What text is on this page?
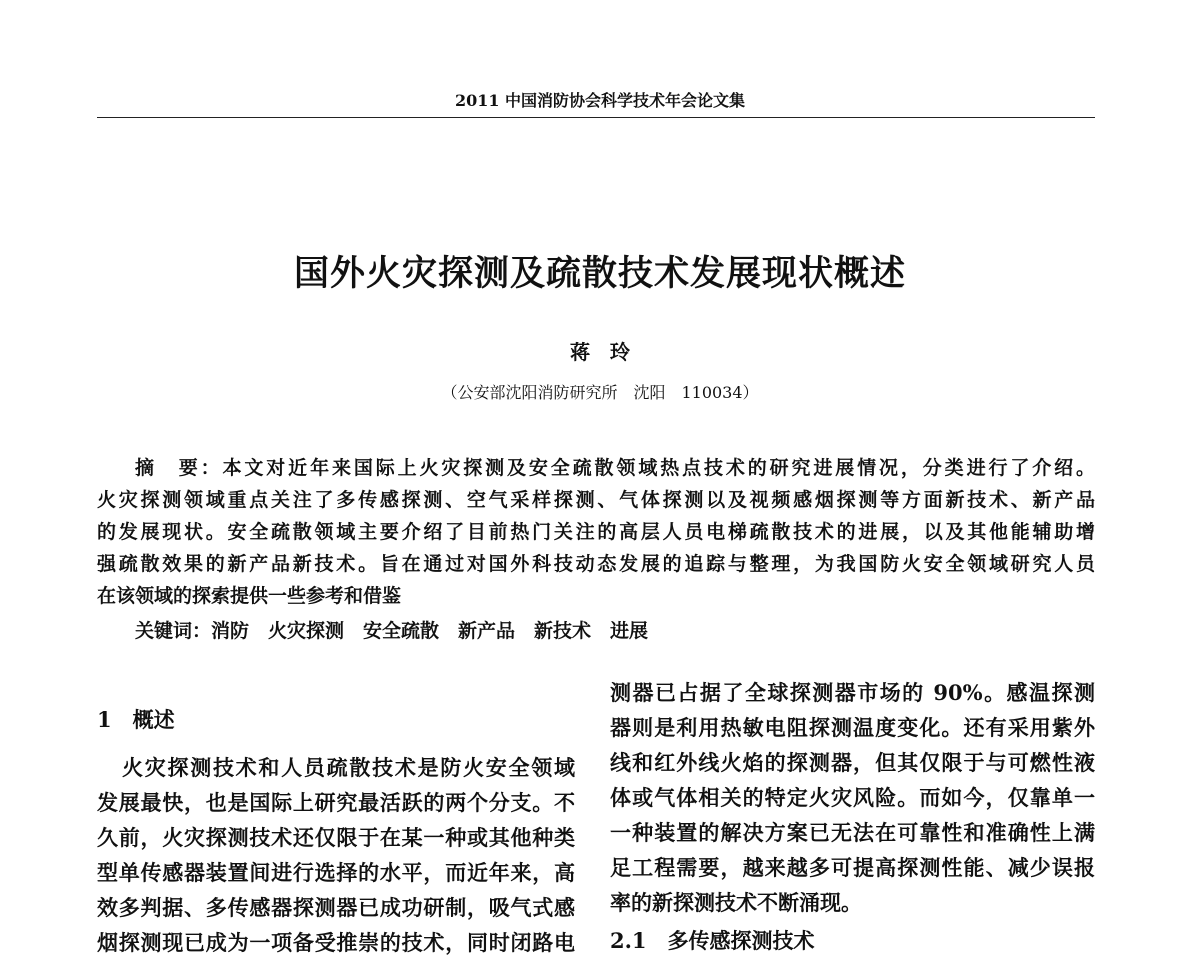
2011 中国消防协会科学技术年会论文集
国外火灾探测及疏散技术发展现状概述
蒋　玲
（公安部沈阳消防研究所　沈阳　110034）
摘　要：本文对近年来国际上火灾探测及安全疏散领域热点技术的研究进展情况，分类进行了介绍。
火灾探测领域重点关注了多传感探测、空气采样探测、气体探测以及视频感烟探测等方面新技术、新产品
的发展现状。安全疏散领域主要介绍了目前热门关注的高层人员电梯疏散技术的进展，以及其他能辅助增
强疏散效果的新产品新技术。旨在通过对国外科技动态发展的追踪与整理，为我国防火安全领域研究人员
在该领域的探索提供一些参考和借鉴
关键词：消防　火灾探测　安全疏散　新产品　新技术　进展
1　概述
火灾探测技术和人员疏散技术是防火安全领域
发展最快，也是国际上研究最活跃的两个分支。不
久前，火灾探测技术还仅限于在某一种或其他种类
型单传感器装置间进行选择的水平，而近年来，高
效多判据、多传感器探测器已成功研制，吸气式感
烟探测现已成为一项备受推崇的技术，同时闭路电
测器已占据了全球探测器市场的 90%。感温探测
器则是利用热敏电阻探测温度变化。还有采用紫外
线和红外线火焰的探测器，但其仅限于与可燃性液
体或气体相关的特定火灾风险。而如今，仅靠单一
一种装置的解决方案已无法在可靠性和准确性上满
足工程需要，越来越多可提高探测性能、减少误报
率的新探测技术不断涌现。
2.1　多传感探测技术
